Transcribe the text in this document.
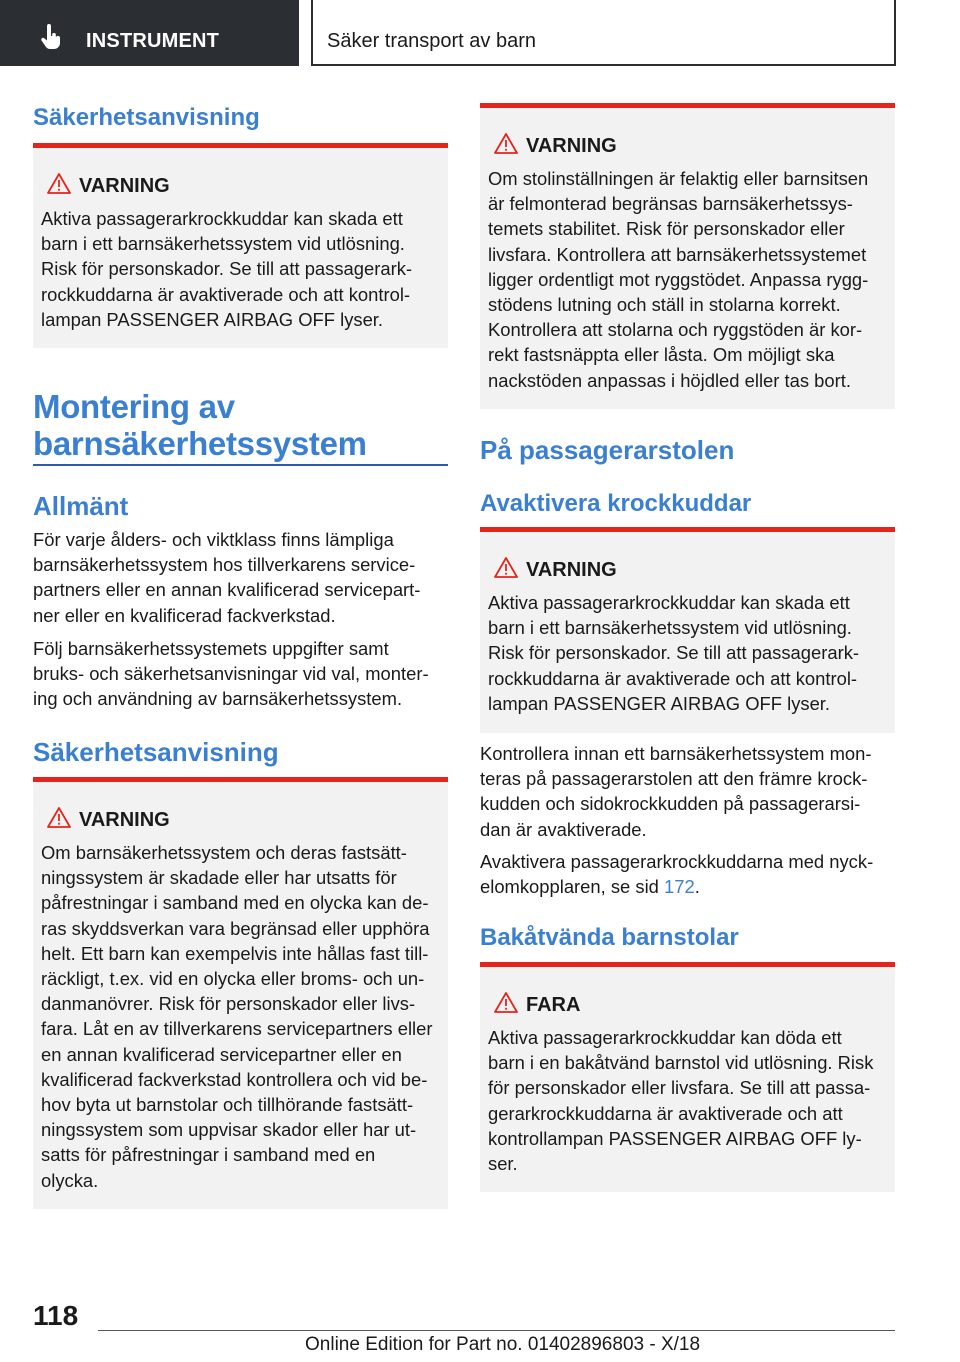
INSTRUMENT	Säker transport av barn
Säkerhetsanvisning
VARNING
Aktiva passagerarkrockkuddar kan skada ett
barn i ett barnsäkerhetssystem vid utlösning.
Risk för personskador. Se till att passagerark-
rockkuddarna är avaktiverade och att kontrol-
lampan PASSENGER AIRBAG OFF lyser.
Montering av
barnsäkerhetssystem
Allmänt
För varje ålders- och viktklass finns lämpliga
barnsäkerhetssystem hos tillverkarens service-
partners eller en annan kvalificerad servicepart-
ner eller en kvalificerad fackverkstad.
Följ barnsäkerhetssystemets uppgifter samt
bruks- och säkerhetsanvisningar vid val, monter-
ing och användning av barnsäkerhetssystem.
Säkerhetsanvisning
VARNING
Om barnsäkerhetssystem och deras fastsätt-
ningssystem är skadade eller har utsatts för
påfrestningar i samband med en olycka kan de-
ras skyddsverkan vara begränsad eller upphöra
helt. Ett barn kan exempelvis inte hållas fast till-
räckligt, t.ex. vid en olycka eller broms- och un-
danmanövrer. Risk för personskador eller livs-
fara. Låt en av tillverkarens servicepartners eller
en annan kvalificerad servicepartner eller en
kvalificerad fackverkstad kontrollera och vid be-
hov byta ut barnstolar och tillhörande fastsätt-
ningssystem som uppvisar skador eller har ut-
satts för påfrestningar i samband med en
olycka.
VARNING
Om stolinställningen är felaktig eller barnsitsen
är felmonterad begränsas barnsäkerhetssys-
temets stabilitet. Risk för personskador eller
livsfara. Kontrollera att barnsäkerhetssystemet
ligger ordentligt mot ryggstödet. Anpassa rygg-
stödens lutning och ställ in stolarna korrekt.
Kontrollera att stolarna och ryggstöden är kor-
rekt fastsnäppta eller låsta. Om möjligt ska
nackstöden anpassas i höjdled eller tas bort.
På passagerarstolen
Avaktivera krockkuddar
VARNING
Aktiva passagerarkrockkuddar kan skada ett
barn i ett barnsäkerhetssystem vid utlösning.
Risk för personskador. Se till att passagerark-
rockkuddarna är avaktiverade och att kontrol-
lampan PASSENGER AIRBAG OFF lyser.
Kontrollera innan ett barnsäkerhetssystem mon-
teras på passagerarstolen att den främre krock-
kudden och sidokrockkudden på passagerarsi-
dan är avaktiverade.
Avaktivera passagerarkrockkuddarna med nyck-
elomkopplaren, se sid 172.
Bakåtvända barnstolar
FARA
Aktiva passagerarkrockkuddar kan döda ett
barn i en bakåtvänd barnstol vid utlösning. Risk
för personskador eller livsfara. Se till att passa-
gerarkrockkuddarna är avaktiverade och att
kontrollampan PASSENGER AIRBAG OFF ly-
ser.
118
Online Edition for Part no. 01402896803 - X/18
